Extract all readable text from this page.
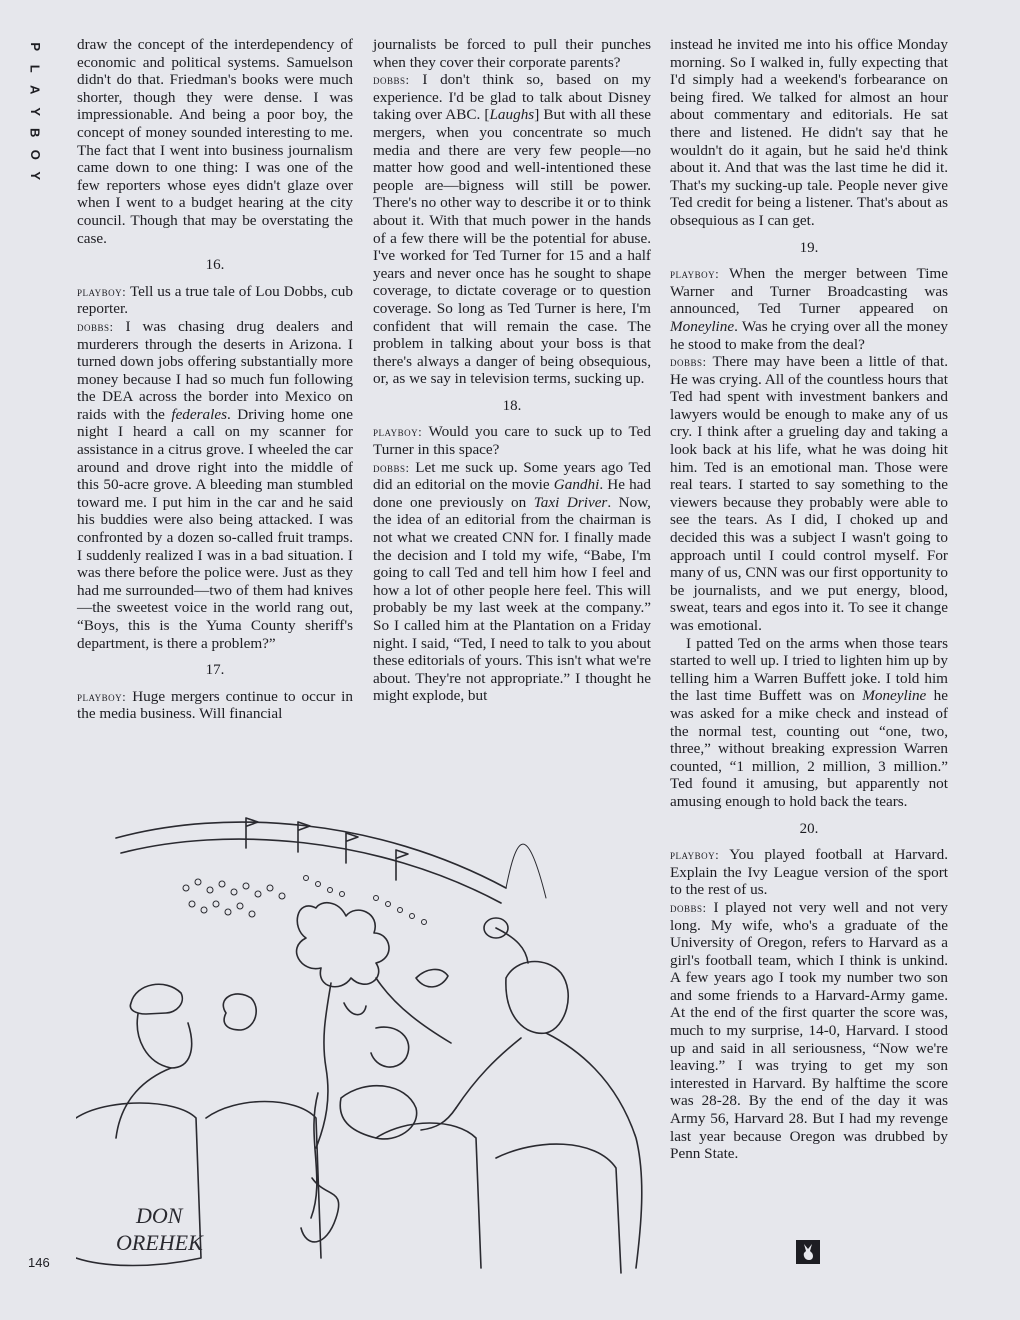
P
L
A
Y
B
O
Y

draw the concept of the interdependency of economic and political systems. Samuelson didn't do that. Friedman's books were much shorter, though they were dense. I was impressionable. And being a poor boy, the concept of money sounded interesting to me. The fact that I went into business journalism came down to one thing: I was one of the few reporters whose eyes didn't glaze over when I went to a budget hearing at the city council. Though that may be overstating the case.

16.

playboy: Tell us a true tale of Lou Dobbs, cub reporter.

dobbs: I was chasing drug dealers and murderers through the deserts in Arizona. I turned down jobs offering substantially more money because I had so much fun following the DEA across the border into Mexico on raids with the federales. Driving home one night I heard a call on my scanner for assistance in a citrus grove. I wheeled the car around and drove right into the middle of this 50-acre grove. A bleeding man stumbled toward me. I put him in the car and he said his buddies were also being attacked. I was confronted by a dozen so-called fruit tramps. I suddenly realized I was in a bad situation. I was there before the police were. Just as they had me surrounded—two of them had knives—the sweetest voice in the world rang out, “Boys, this is the Yuma County sheriff's department, is there a problem?”

17.

playboy: Huge mergers continue to occur in the media business. Will financial

journalists be forced to pull their punches when they cover their corporate parents?

dobbs: I don't think so, based on my experience. I'd be glad to talk about Disney taking over ABC. [Laughs] But with all these mergers, when you concentrate so much media and there are very few people—no matter how good and well-intentioned these people are—bigness will still be power. There's no other way to describe it or to think about it. With that much power in the hands of a few there will be the potential for abuse. I've worked for Ted Turner for 15 and a half years and never once has he sought to shape coverage, to dictate coverage or to question coverage. So long as Ted Turner is here, I'm confident that will remain the case. The problem in talking about your boss is that there's always a danger of being obsequious, or, as we say in television terms, sucking up.

18.

playboy: Would you care to suck up to Ted Turner in this space?

dobbs: Let me suck up. Some years ago Ted did an editorial on the movie Gandhi. He had done one previously on Taxi Driver. Now, the idea of an editorial from the chairman is not what we created CNN for. I finally made the decision and I told my wife, “Babe, I'm going to call Ted and tell him how I feel and how a lot of other people here feel. This will probably be my last week at the company.” So I called him at the Plantation on a Friday night. I said, “Ted, I need to talk to you about these editorials of yours. This isn't what we're about. They're not appropriate.” I thought he might explode, but

instead he invited me into his office Monday morning. So I walked in, fully expecting that I'd simply had a weekend's forbearance on being fired. We talked for almost an hour about commentary and editorials. He sat there and listened. He didn't say that he wouldn't do it again, but he said he'd think about it. And that was the last time he did it. That's my sucking-up tale. People never give Ted credit for being a listener. That's about as obsequious as I can get.

19.

playboy: When the merger between Time Warner and Turner Broadcasting was announced, Ted Turner appeared on Moneyline. Was he crying over all the money he stood to make from the deal?

dobbs: There may have been a little of that. He was crying. All of the countless hours that Ted had spent with investment bankers and lawyers would be enough to make any of us cry. I think after a grueling day and taking a look back at his life, what he was doing hit him. Ted is an emotional man. Those were real tears. I started to say something to the viewers because they probably were able to see the tears. As I did, I choked up and decided this was a subject I wasn't going to approach until I could control myself. For many of us, CNN was our first opportunity to be journalists, and we put energy, blood, sweat, tears and egos into it. To see it change was emotional.

I patted Ted on the arms when those tears started to well up. I tried to lighten him up by telling him a Warren Buffett joke. I told him the last time Buffett was on Moneyline he was asked for a mike check and instead of the normal test, counting out “one, two, three,” without breaking expression Warren counted, “1 million, 2 million, 3 million.” Ted found it amusing, but apparently not amusing enough to hold back the tears.

20.

playboy: You played football at Harvard. Explain the Ivy League version of the sport to the rest of us.

dobbs: I played not very well and not very long. My wife, who's a graduate of the University of Oregon, refers to Harvard as a girl's football team, which I think is unkind. A few years ago I took my number two son and some friends to a Harvard-Army game. At the end of the first quarter the score was, much to my surprise, 14-0, Harvard. I stood up and said in all seriousness, “Now we're leaving.” I was trying to get my son interested in Harvard. By halftime the score was 28-28. By the end of the day it was Army 56, Harvard 28. But I had my revenge last year because Oregon was drubbed by Penn State.

DON
OREHEK
146
